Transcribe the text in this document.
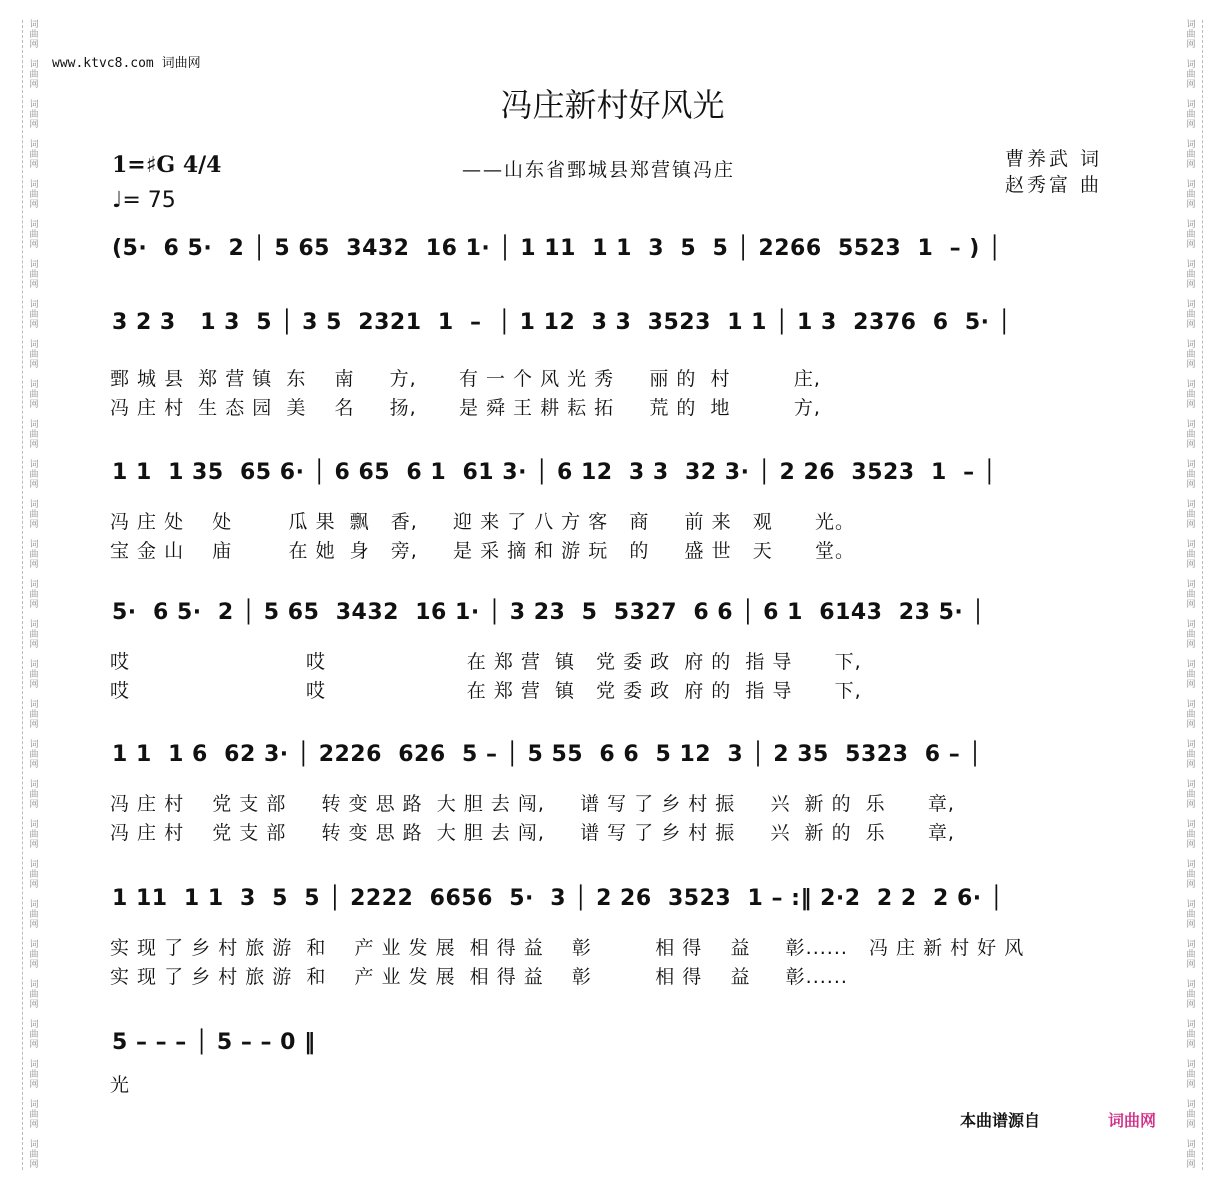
词
曲
网

词
曲
网

词
曲
网

词
曲
网

词
曲
网

词
曲
网

词
曲
网

词
曲
网

词
曲
网

词
曲
网

词
曲
网

词
曲
网

词
曲
网

词
曲
网

词
曲
网

词
曲
网

词
曲
网

词
曲
网

词
曲
网

词
曲
网

词
曲
网

词
曲
网

词
曲
网

词
曲
网

词
曲
网

词
曲
网

词
曲
网

词
曲
网

词
曲
网
词
曲
网

词
曲
网

词
曲
网

词
曲
网

词
曲
网

词
曲
网

词
曲
网

词
曲
网

词
曲
网

词
曲
网

词
曲
网

词
曲
网

词
曲
网

词
曲
网

词
曲
网

词
曲
网

词
曲
网

词
曲
网

词
曲
网

词
曲
网

词
曲
网

词
曲
网

词
曲
网

词
曲
网

词
曲
网

词
曲
网

词
曲
网

词
曲
网

词
曲
网
www.ktvc8.com 词曲网
冯庄新村好风光
1=♯G 4/4
♩= 75
——山东省鄄城县郑营镇冯庄	曹养武 词
赵秀富 曲
(5·  6 5·  2 │ 5 65  3432  16 1· │ 1 11  1 1  3  5  5 │ 2266  5523  1  – ) │
3 2 3   1 3  5 │ 3 5  2321  1  –  │ 1 12  3 3  3523  1 1 │ 1 3  2376  6  5· │
鄄 城 县  郑 营 镇  东    南     方,      有 一 个 风 光 秀     丽 的  村         庄,
冯 庄 村  生 态 园  美    名     扬,      是 舜 王 耕 耘 拓     荒 的  地         方,
1 1  1 35  65 6· │ 6 65  6 1  61 3· │ 6 12  3 3  32 3· │ 2 26  3523  1  – │
冯 庄 处    处        瓜 果  飘   香,     迎 来 了 八 方 客   商     前 来   观      光。
宝 金 山    庙        在 她  身   旁,     是 采 摘 和 游 玩   的     盛 世   天      堂。
5·  6 5·  2 │ 5 65  3432  16 1· │ 3 23  5  5327  6 6 │ 6 1  6143  23 5· │
哎                         哎                    在 郑 营  镇   党 委 政  府 的  指 导      下,
哎                         哎                    在 郑 营  镇   党 委 政  府 的  指 导      下,
1 1  1 6  62 3· │ 2226  626  5 – │ 5 55  6 6  5 12  3 │ 2 35  5323  6 – │
冯 庄 村    党 支 部     转 变 思 路  大 胆 去 闯,     谱 写 了 乡 村 振     兴  新 的  乐      章,
冯 庄 村    党 支 部     转 变 思 路  大 胆 去 闯,     谱 写 了 乡 村 振     兴  新 的  乐      章,
1 11  1 1  3  5  5 │ 2222  6656  5·  3 │ 2 26  3523  1 – :‖ 2·2  2 2  2 6· │
实 现 了 乡 村 旅 游  和    产 业 发 展  相 得 益    彰         相 得    益     彰......   冯 庄 新 村 好 风
实 现 了 乡 村 旅 游  和    产 业 发 展  相 得 益    彰         相 得    益     彰......
5 – – – │ 5 – – 0 ‖
光
本曲谱源自	词曲网
